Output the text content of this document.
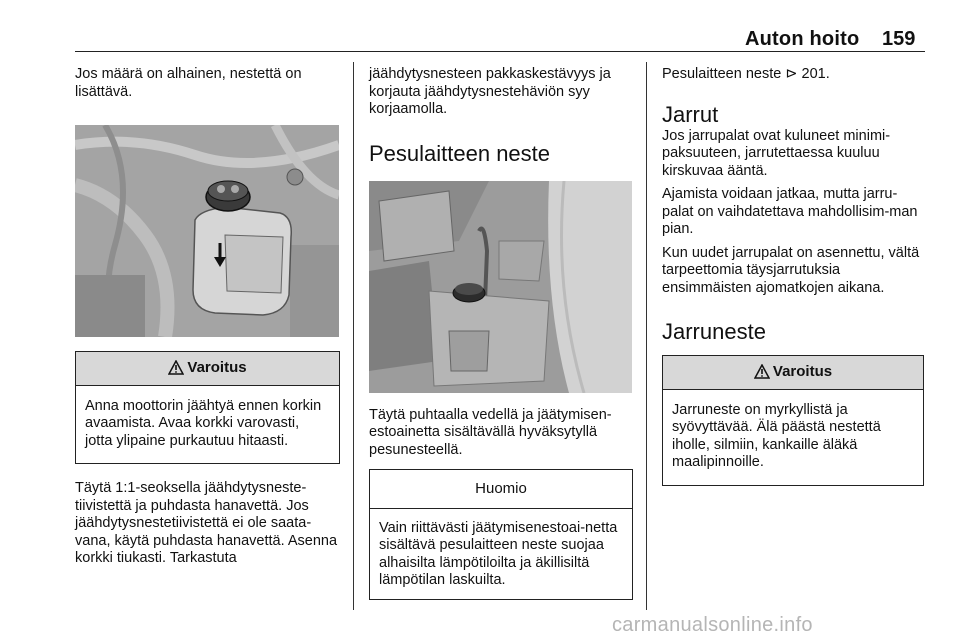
Auton hoito 159

Jos määrä on alhainen, nestettä on lisättävä.

Varoitus
Anna moottorin jäähtyä ennen korkin avaamista. Avaa korkki varovasti, jotta ylipaine purkautuu hitaasti.

Täytä 1:1-seoksella jäähdytysneste-tiivistettä ja puhdasta hanavettä. Jos jäähdytysnestetiivistettä ei ole saata-vana, käytä puhdasta hanavettä. Asenna korkki tiukasti. Tarkastuta

jäähdytysnesteen pakkaskestävyys ja korjauta jäähdytysnestehäviön syy korjaamolla.

Pesulaitteen neste

Täytä puhtaalla vedellä ja jäätymisen-estoainetta sisältävällä hyväksytyllä pesunesteellä.

Huomio
Vain riittävästi jäätymisenestoai-netta sisältävä pesulaitteen neste suojaa alhaisilta lämpötiloilta ja äkillisiltä lämpötilan laskuilta.

Pesulaitteen neste ⊳ 201.

Jarrut

Jos jarrupalat ovat kuluneet minimi-paksuuteen, jarrutettaessa kuuluu kirskuvaa ääntä.

Ajamista voidaan jatkaa, mutta jarru-palat on vaihdatettava mahdollisim-man pian.

Kun uudet jarrupalat on asennettu, vältä tarpeettomia täysjarrutuksia ensimmäisten ajomatkojen aikana.

Jarruneste
Varoitus
Jarruneste on myrkyllistä ja syövyttävää. Älä päästä nestettä iholle, silmiin, kankaille äläkä maalipinnoille.
carmanualsonline.info
